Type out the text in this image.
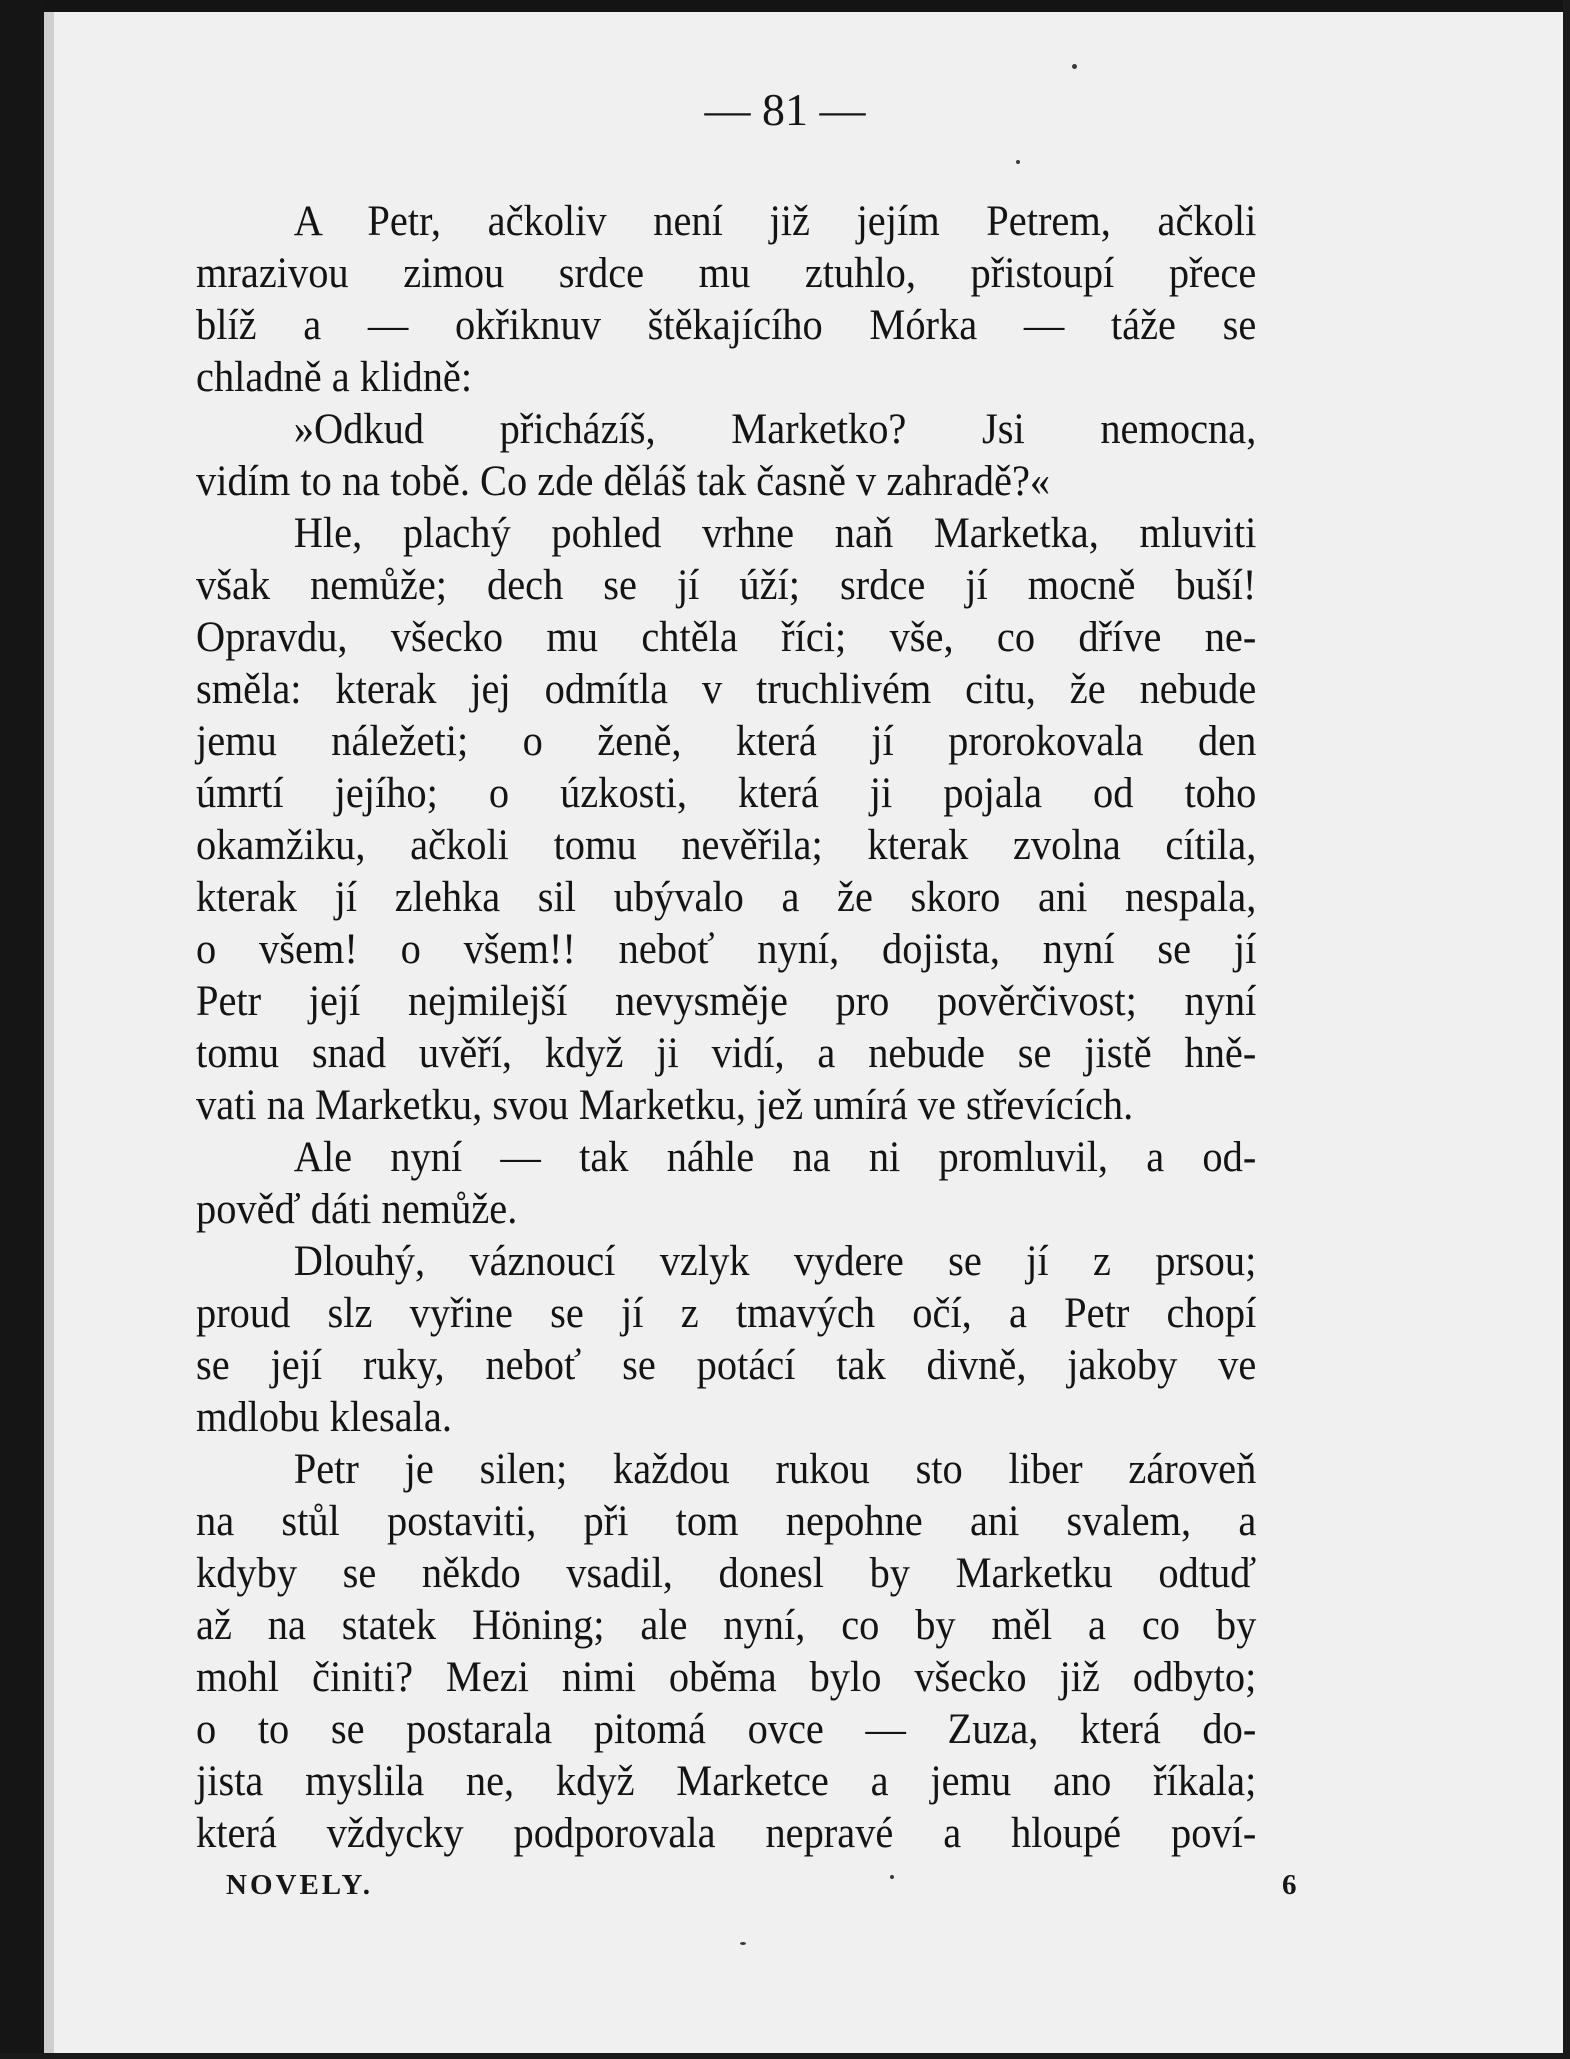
— 81 —
A Petr, ačkoliv není již jejím Petrem, ačkoli
mrazivou zimou srdce mu ztuhlo, přistoupí přece
blíž a — okřiknuv štěkajícího Mórka — táže se
chladně a klidně:
»Odkud přicházíš, Marketko? Jsi nemocna,
vidím to na tobě. Co zde děláš tak časně v zahradě?«
Hle, plachý pohled vrhne naň Marketka, mluviti
však nemůže; dech se jí úží; srdce jí mocně buší!
Opravdu, všecko mu chtěla říci; vše, co dříve ne-
směla: kterak jej odmítla v truchlivém citu, že nebude
jemu náležeti; o ženě, která jí prorokovala den
úmrtí jejího; o úzkosti, která ji pojala od toho
okamžiku, ačkoli tomu nevěřila; kterak zvolna cítila,
kterak jí zlehka sil ubývalo a že skoro ani nespala,
o všem! o všem!! neboť nyní, dojista, nyní se jí
Petr její nejmilejší nevysměje pro pověrčivost; nyní
tomu snad uvěří, když ji vidí, a nebude se jistě hně-
vati na Marketku, svou Marketku, jež umírá ve střevících.
Ale nyní — tak náhle na ni promluvil, a od-
pověď dáti nemůže.
Dlouhý, váznoucí vzlyk vydere se jí z prsou;
proud slz vyřine se jí z tmavých očí, a Petr chopí
se její ruky, neboť se potácí tak divně, jakoby ve
mdlobu klesala.
Petr je silen; každou rukou sto liber zároveň
na stůl postaviti, při tom nepohne ani svalem, a
kdyby se někdo vsadil, donesl by Marketku odtuď
až na statek Höning; ale nyní, co by měl a co by
mohl činiti? Mezi nimi oběma bylo všecko již odbyto;
o to se postarala pitomá ovce — Zuza, která do-
jista myslila ne, když Marketce a jemu ano říkala;
která vždycky podporovala nepravé a hloupé poví-
NOVELY.	6
